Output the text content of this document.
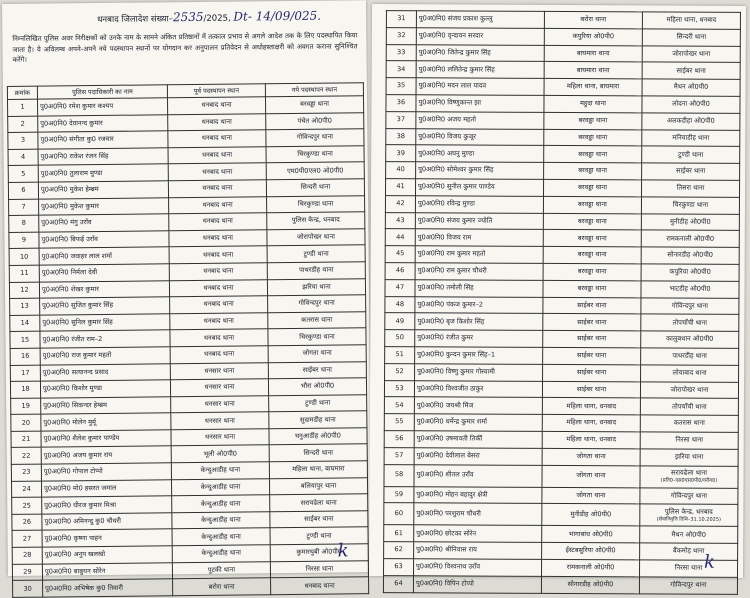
धनबाद जिलादेश संख्या–2535/2025, Dt- 14/09/025.
निम्नलिखित पुलिस अवर निरीक्षकों को उनके नाम के सामने अंकित प्रतिष्ठानों में तत्काल प्रभाव से अगले आदेश तक के लिए पदस्थापित किया जाता है। ये अविलम्ब अपने-अपने नये पदस्थापन स्थानों पर योगदान कर अनुपालन प्रतिवेदन से अधोहस्ताक्षरी को अवगत कराना सुनिश्चित करेंगे।
क्रमांक	पुलिस पदाधिकारी का नाम	पूर्व पदस्थापन स्थान	नये पदस्थापन स्थान
1	पु0अ0नि0 रमेश कुमार कश्यप	धनबाद थाना	बरवड्डा थाना
2	पु0अ0नि0 देवानन्द कुमार	धनबाद थाना	पंचेत ओ0पी0
3	पु0अ0नि0 संगीता कु0 रजवार	धनबाद थाना	गोविन्दपुर थाना
4	पु0अ0नि0 राकेश रंजन सिंह	धनबाद थाना	चिरकुण्डा थाना
5	पु0अ0नि0 तुलाराम मुण्डा	धनबाद थाना	एम0पी0एल0 ओ0पी0
6	पु0अ0नि0 मुकेश हेम्ब्रम	धनबाद थाना	सिन्दरी थाना
7	पु0अ0नि0 मुकेश कुमार	धनबाद थाना	चिरकुण्डा थाना
8	पु0अ0नि0 मंगु उराँव	धनबाद थाना	पुलिस केन्द्र, धनबाद
9	पु0अ0नि0 बिफई उराँव	धनबाद थाना	जोरापोखर थाना
10	पु0अ0नि0 जवाहर लाल शर्मा	धनबाद थाना	टुण्डी थाना
11	पु0अ0नि0 निर्मला देवी	धनबाद थाना	पाथरडीह थाना
12	पु0अ0नि0 शेखर कुमार	धनबाद थाना	झरिया थाना
13	पु0अ0नि0 सुजित कुमार सिंह	धनबाद थाना	गोविन्दपुर थाना
14	पु0अ0नि0 सुनिल कुमार सिंह	धनबाद थाना	कतरास थाना
15	पु0अ0नि0 रंजीत राम–2	धनबाद थाना	चिरकुण्डा थाना
16	पु0अ0नि0 राज कुमार महतो	धनबाद थाना	जोगता थाना
17	पु0अ0नि0 सत्यानन्द प्रसाद	धनसार थाना	साईबर थाना
18	पु0अ0नि0 किशोर मुण्डा	धनसार थाना	भौरा ओ0पी0
19	पु0अ0नि0 सिकन्दर हेम्ब्रम	धनसार थाना	टुण्डी थाना
20	पु0अ0नि0 मोलेन मुर्मू	धनसार थाना	सुदामडीह थाना
21	पु0अ0नि0 शैलेश कुमार पाण्डेय	धनसार थाना	घनुआडीह ओ0पी0
22	पु0अ0नि0 अजय कुमार राय	भूली ओ0पी0	सिन्दरी थाना
23	पु0अ0नि0 गोपाल टोप्पो	केन्दुआडीह थाना	महिला थाना, बाघमारा
24	पु0अ0नि0 मो0 हसरत जमाल	केन्दुआडीह थाना	बलियापुर थाना
25	पु0अ0नि0 धीरज कुमार मिश्रा	केन्दुआडीह थाना	सरायढेला थाना
26	पु0अ0नि0 अमिनन्दु कु0 चौधरी	केन्दुआडीह थाना	साईबर थाना
27	पु0अ0नि0 कृष्णा पाहन	केन्दुआडीह थाना	टुण्डी थाना
28	पु0अ0नि0 अनुप खलखो	केन्दुआडीह थाना	कुमारधुबी ओ0पी0
29	पु0अ0नि0 बाबुधन सोरेन	पुटकी थाना	निरसा थाना
30	पु0अ0नि0 अभिषेक कु0 तिवारी	बरोरा थाना	धनबाद थाना
k
31	पु0अ0नि0 संजय प्रकाश कुल्लु	बरोरा थाना	महिला थाना, धनबाद
32	पु0अ0नि0 वृन्दावन सरदार	कपुरिया ओ0पी0	सिन्दरी थाना
33	पु0अ0नि0 जितेन्द्र कुमार सिंह	बाघमारा थाना	जोरापोखर थाना
34	पु0अ0नि0 ललितेन्द्र कुमार सिंह	बाघमारा थाना	साईबर थाना
35	पु0अ0नि0 मदन लाल यादव	महिला थाना, बाघमारा	मैथन ओ0पी0
36	पु0अ0नि0 विष्णुकान्त झा	महुदा थाना	लोदना ओ0पी0
37	पु0अ0नि0 अजय महतो	बरवड्डा थाना	अलकडीहा ओ0पी0
38	पु0अ0नि0 विजय कुजूर	बरवड्डा थाना	मनियाडीह थाना
39	पु0अ0नि0 अघनु मुण्डा	बरवड्डा थाना	टुण्डी थाना
40	पु0अ0नि0 सोमेश्वर कुमार सिंह	बरवड्डा थाना	साईबर थाना
41	पु0अ0नि0 सुनील कुमार पाण्डेय	बरवड्डा थाना	तिसरा थाना
42	पु0अ0नि0 रविन्द्र मुण्डा	बरवड्डा थाना	चिरकुण्डा थाना
43	पु0अ0नि0 संजय कुमार ज्योति	बरवड्डा थाना	मुनीडीह ओ0पी0
44	पु0अ0नि0 विजय राम	बरवड्डा थाना	रामकनाली ओ0पी0
45	पु0अ0नि0 राम कुमार महतो	बरवड्डा थाना	सोनारडीह ओ0पी0
46	पु0अ0नि0 राम कुमार चौधरी	बरवड्डा थाना	कपुरिया ओ0पी0
47	पु0अ0नि0 तमोली सिंह	बरवड्डा थाना	भाटडीह ओ0पी0
48	पु0अ0नि0 पंकज कुमार–2	साईबर थाना	गोविन्दपुर थाना
49	पु0अ0नि0 बृज किशोर सिंह	साईबर थाना	तोपचाँची थाना
50	पु0अ0नि0 रंजीत कुमर	साईबर थाना	कालुबथान ओ0पी0
51	पु0अ0नि0 कुन्दन कुमार सिंह–1	साईबर थाना	पाथरडीह थाना
52	पु0अ0नि0 विष्णु कुमार गोस्वामी	साईबर थाना	लोयाबाद थाना
53	पु0अ0नि0 विश्वजीत ठाकुर	साईबर थाना	जोरापोखर थाना
54	पु0अ0नि0 जयश्री मिंज	महिला थाना, धनबाद	तोपचाँची थाना
55	पु0अ0नि0 धर्मेन्द्र कुमार शर्मा	महिला थाना, धनबाद	कतरास थाना
56	पु0अ0नि0 उषमावती तिर्की	महिला थाना, धनबाद	निरसा थाना
57	पु0अ0नि0 देवीलाल बेसरा	जोगता थाना	झरिया थाना
58	पु0अ0नि0 शीतल उराँव	जोगता थाना	सरायढेला थाना
(प्रति0–एस0एस0पी0/वरीय0)

59	पु0अ0नि0 मोहन बहादुर क्षेत्री	जोगता थाना	गोविन्दपुर थाना
60	पु0अ0नि0 परशुराम चौधरी	मुनीडीह ओ0पी0	पुलिस केन्द्र, धनबाद
(सेवानिवृत्ति तिथि–31.10.2025)

61	पु0अ0नि0 छोटका सोरेन	भागाबांध ओ0पी0	मैथन ओ0पी0
62	पु0अ0नि0 श्रीनिवास राय	ईस्टबसुरिया ओ0पी0	बैंकमोड़ थाना
63	पु0अ0नि0 विश्वनाथ उराँव	रामकनाली ओ0पी0	निरसा थाना
64	पु0अ0नि0 विपिन टोप्पो	सोनारडीह ओ0पी0	गोविन्दपुर थाना
k
